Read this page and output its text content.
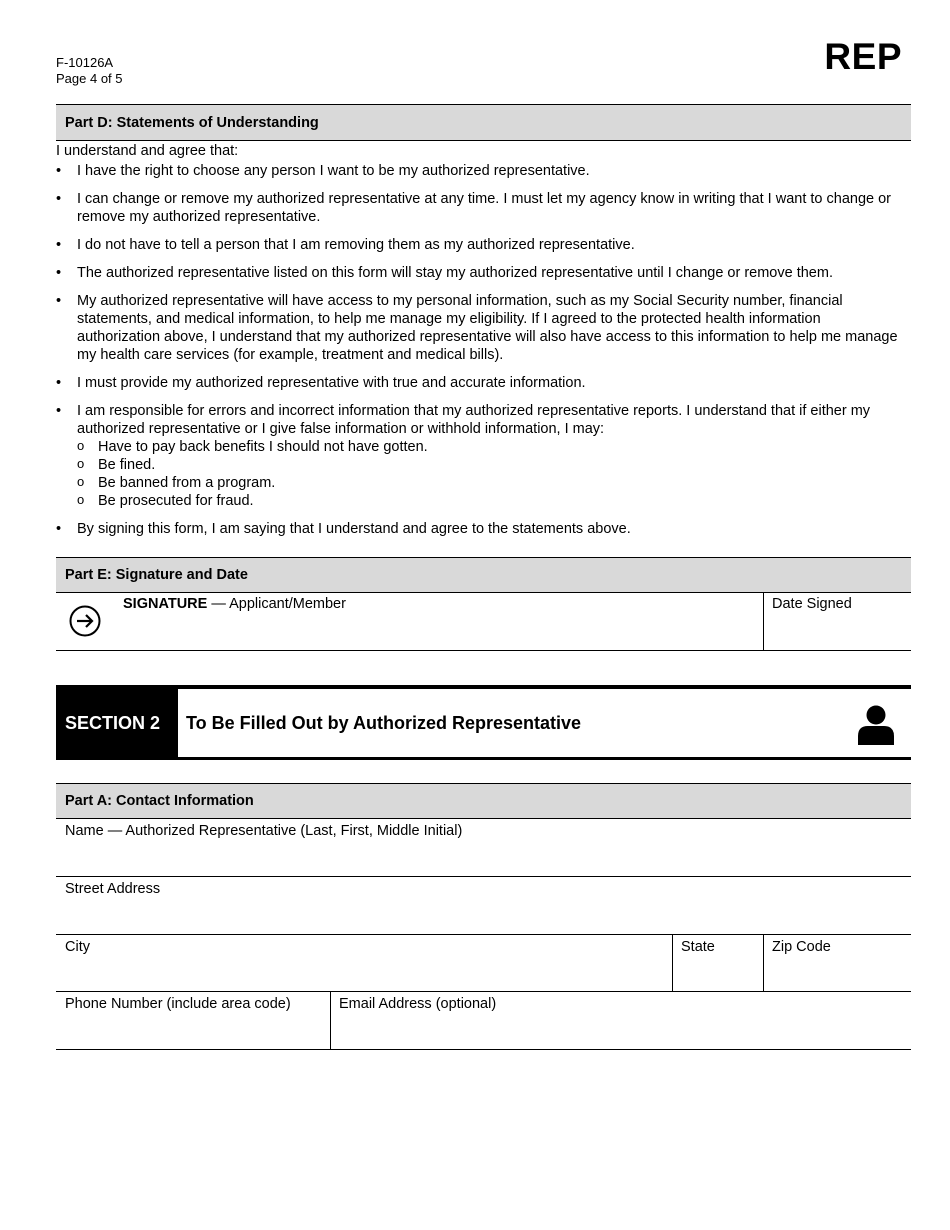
F-10126A
Page 4 of 5
REP
Part D: Statements of Understanding
I understand and agree that:
• I have the right to choose any person I want to be my authorized representative.
• I can change or remove my authorized representative at any time. I must let my agency know in writing that I want to change or remove my authorized representative.
• I do not have to tell a person that I am removing them as my authorized representative.
• The authorized representative listed on this form will stay my authorized representative until I change or remove them.
• My authorized representative will have access to my personal information, such as my Social Security number, financial statements, and medical information, to help me manage my eligibility. If I agreed to the protected health information authorization above, I understand that my authorized representative will also have access to this information to help me manage my health care services (for example, treatment and medical bills).
• I must provide my authorized representative with true and accurate information.
• I am responsible for errors and incorrect information that my authorized representative reports. I understand that if either my authorized representative or I give false information or withhold information, I may:
o Have to pay back benefits I should not have gotten.
o Be fined.
o Be banned from a program.
o Be prosecuted for fraud.
• By signing this form, I am saying that I understand and agree to the statements above.
Part E: Signature and Date
SIGNATURE — Applicant/Member	Date Signed
SECTION 2	To Be Filled Out by Authorized Representative
Part A: Contact Information
Name — Authorized Representative (Last, First, Middle Initial)
Street Address
City	State	Zip Code
Phone Number (include area code)	Email Address (optional)
